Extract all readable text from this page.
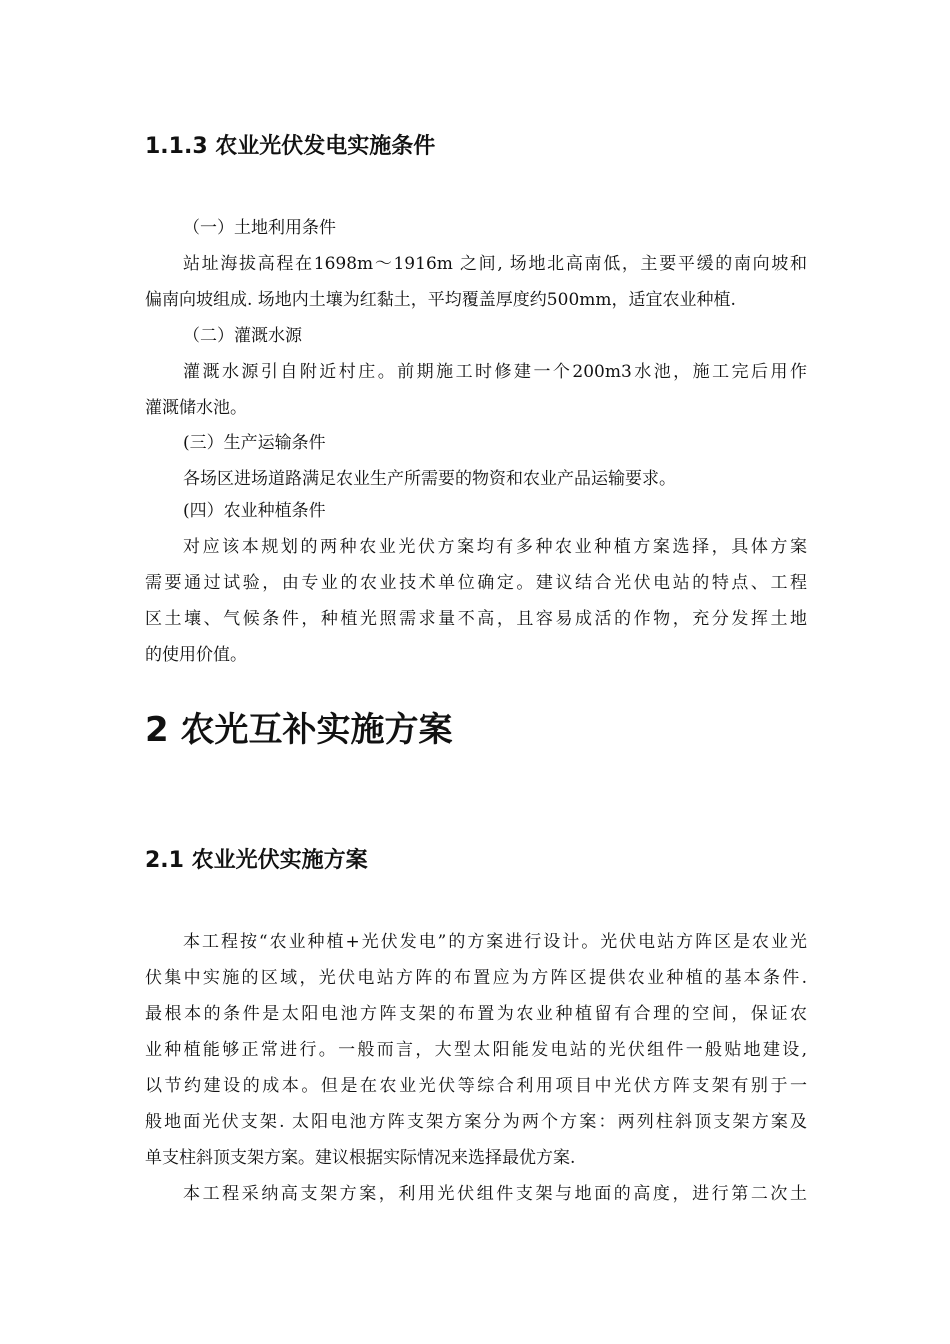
1.1.3 农业光伏发电实施条件
（一）土地利用条件
站址海拔高程在1698m～1916m 之间, 场地北高南低，主要平缓的南向坡和
偏南向坡组成. 场地内土壤为红黏土，平均覆盖厚度约500mm，适宜农业种植.
（二）灌溉水源
灌溉水源引自附近村庄。前期施工时修建一个200m3水池，施工完后用作
灌溉储水池。
(三）生产运输条件
各场区进场道路满足农业生产所需要的物资和农业产品运输要求。
(四）农业种植条件
对应该本规划的两种农业光伏方案均有多种农业种植方案选择，具体方案
需要通过试验，由专业的农业技术单位确定。建议结合光伏电站的特点、工程
区土壤、气候条件，种植光照需求量不高，且容易成活的作物，充分发挥土地
的使用价值。
2 农光互补实施方案
2.1 农业光伏实施方案
本工程按“农业种植+光伏发电”的方案进行设计。光伏电站方阵区是农业光
伏集中实施的区域，光伏电站方阵的布置应为方阵区提供农业种植的基本条件.
最根本的条件是太阳电池方阵支架的布置为农业种植留有合理的空间，保证农
业种植能够正常进行。一般而言，大型太阳能发电站的光伏组件一般贴地建设,
以节约建设的成本。但是在农业光伏等综合利用项目中光伏方阵支架有别于一
般地面光伏支架. 太阳电池方阵支架方案分为两个方案：两列柱斜顶支架方案及
单支柱斜顶支架方案。建议根据实际情况来选择最优方案.
本工程采纳高支架方案，利用光伏组件支架与地面的高度，进行第二次土
